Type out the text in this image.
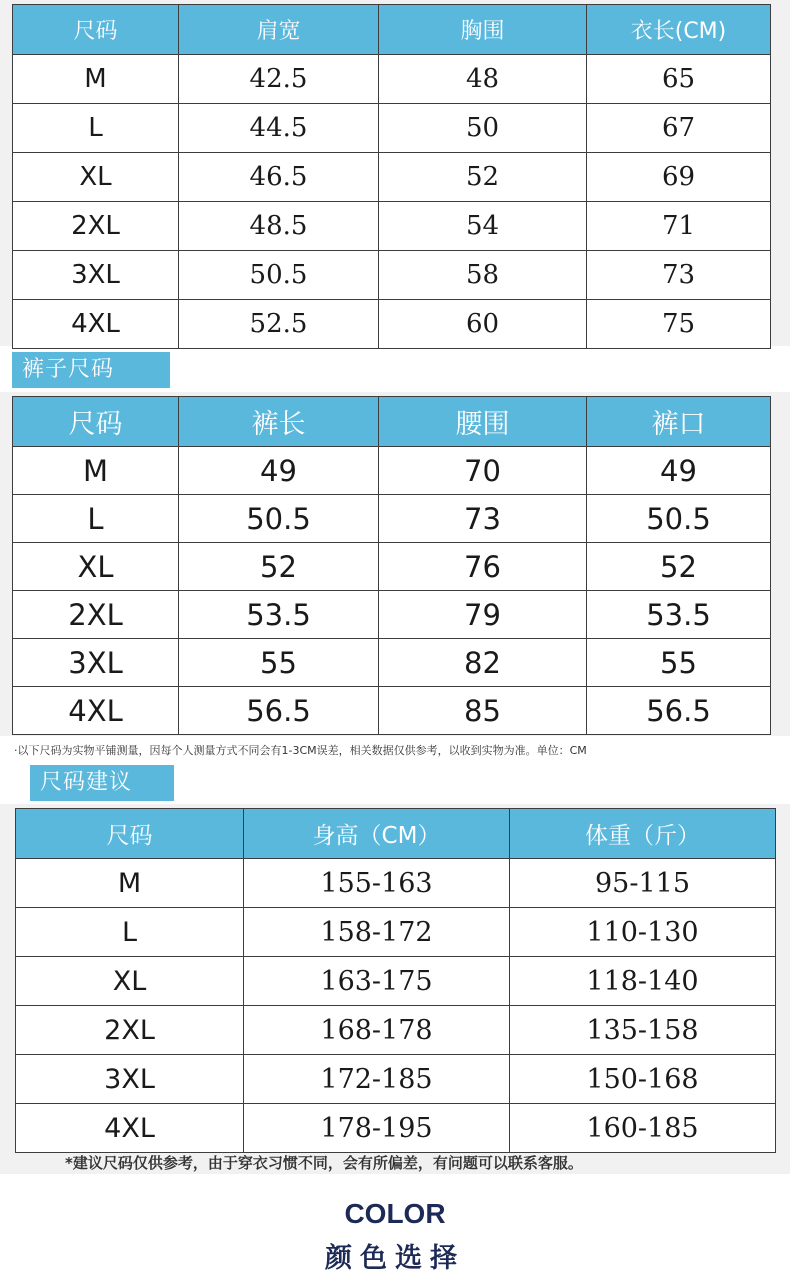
尺码	肩宽	胸围	衣长(CM)
M	42.5	48	65
L	44.5	50	67
XL	46.5	52	69
2XL	48.5	54	71
3XL	50.5	58	73
4XL	52.5	60	75
裤子尺码
尺码	裤长	腰围	裤口
M	49	70	49
L	50.5	73	50.5
XL	52	76	52
2XL	53.5	79	53.5
3XL	55	82	55
4XL	56.5	85	56.5
·以下尺码为实物平铺测量，因每个人测量方式不同会有1-3CM误差，相关数据仅供参考，以收到实物为准。单位：CM
尺码建议
尺码	身高（CM）	体重（斤）
M	155-163	95-115
L	158-172	110-130
XL	163-175	118-140
2XL	168-178	135-158
3XL	172-185	150-168
4XL	178-195	160-185
*建议尺码仅供参考，由于穿衣习惯不同，会有所偏差，有问题可以联系客服。
COLOR
颜色选择
